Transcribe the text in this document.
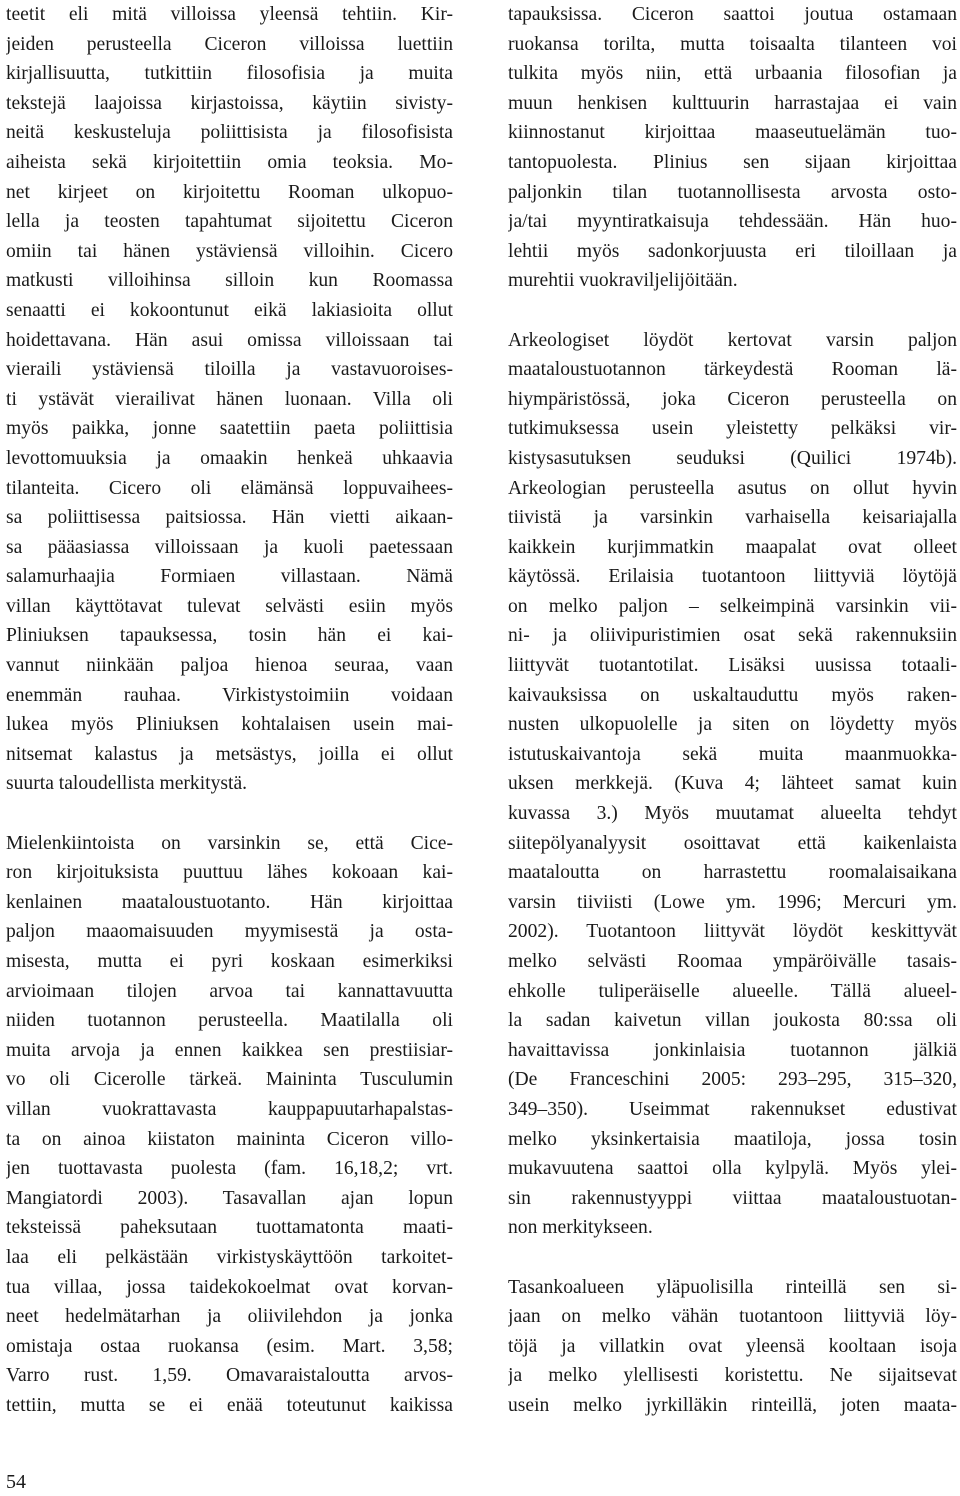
teetit eli mitä villoissa yleensä tehtiin. Kir-
jeiden perusteella Ciceron villoissa luettiin
kirjallisuutta, tutkittiin filosofisia ja muita
tekstejä laajoissa kirjastoissa, käytiin sivisty-
neitä keskusteluja poliittisista ja filosofisista
aiheista sekä kirjoitettiin omia teoksia. Mo-
net kirjeet on kirjoitettu Rooman ulkopuo-
lella ja teosten tapahtumat sijoitettu Ciceron
omiin tai hänen ystäviensä villoihin. Cicero
matkusti villoihinsa silloin kun Roomassa
senaatti ei kokoontunut eikä lakiasioita ollut
hoidettavana. Hän asui omissa villoissaan tai
vieraili ystäviensä tiloilla ja vastavuoroises-
ti ystävät vierailivat hänen luonaan. Villa oli
myös paikka, jonne saatettiin paeta poliittisia
levottomuuksia ja omaakin henkeä uhkaavia
tilanteita. Cicero oli elämänsä loppuvaihees-
sa poliittisessa paitsiossa. Hän vietti aikaan-
sa pääasiassa villoissaan ja kuoli paetessaan
salamurhaajia Formiaen villastaan. Nämä
villan käyttötavat tulevat selvästi esiin myös
Pliniuksen tapauksessa, tosin hän ei kai-
vannut niinkään paljoa hienoa seuraa, vaan
enemmän rauhaa. Virkistystoimiin voidaan
lukea myös Pliniuksen kohtalaisen usein mai-
nitsemat kalastus ja metsästys, joilla ei ollut
suurta taloudellista merkitystä.
Mielenkiintoista on varsinkin se, että Cice-
ron kirjoituksista puuttuu lähes kokoaan kai-
kenlainen maataloustuotanto. Hän kirjoittaa
paljon maaomaisuuden myymisestä ja osta-
misesta, mutta ei pyri koskaan esimerkiksi
arvioimaan tilojen arvoa tai kannattavuutta
niiden tuotannon perusteella. Maatilalla oli
muita arvoja ja ennen kaikkea sen prestiisiar-
vo oli Cicerolle tärkeä. Maininta Tusculumin
villan vuokrattavasta kauppapuutarhapalstas-
ta on ainoa kiistaton maininta Ciceron villo-
jen tuottavasta puolesta (fam. 16,18,2; vrt.
Mangiatordi 2003). Tasavallan ajan lopun
teksteissä paheksutaan tuottamatonta maati-
laa eli pelkästään virkistyskäyttöön tarkoitet-
tua villaa, jossa taidekokoelmat ovat korvan-
neet hedelmätarhan ja oliivilehdon ja jonka
omistaja ostaa ruokansa (esim. Mart. 3,58;
Varro rust. 1,59. Omavaraistaloutta arvos-
tettiin, mutta se ei enää toteutunut kaikissa
tapauksissa. Ciceron saattoi joutua ostamaan
ruokansa torilta, mutta toisaalta tilanteen voi
tulkita myös niin, että urbaania filosofian ja
muun henkisen kulttuurin harrastajaa ei vain
kiinnostanut kirjoittaa maaseutuelämän tuo-
tantopuolesta. Plinius sen sijaan kirjoittaa
paljonkin tilan tuotannollisesta arvosta osto-
ja/tai myyntiratkaisuja tehdessään. Hän huo-
lehtii myös sadonkorjuusta eri tiloillaan ja
murehtii vuokraviljelijöitään.
Arkeologiset löydöt kertovat varsin paljon
maataloustuotannon tärkeydestä Rooman lä-
hiympäristössä, joka Ciceron perusteella on
tutkimuksessa usein yleistetty pelkäksi vir-
kistysasutuksen seuduksi (Quilici 1974b).
Arkeologian perusteella asutus on ollut hyvin
tiivistä ja varsinkin varhaisella keisariajalla
kaikkein kurjimmatkin maapalat ovat olleet
käytössä. Erilaisia tuotantoon liittyviä löytöjä
on melko paljon – selkeimpinä varsinkin vii-
ni- ja oliivipuristimien osat sekä rakennuksiin
liittyvät tuotantotilat. Lisäksi uusissa totaali-
kaivauksissa on uskaltauduttu myös raken-
nusten ulkopuolelle ja siten on löydetty myös
istutuskaivantoja sekä muita maanmuokka-
uksen merkkejä. (Kuva 4; lähteet samat kuin
kuvassa 3.) Myös muutamat alueelta tehdyt
siitepölyanalyysit osoittavat että kaikenlaista
maataloutta on harrastettu roomalaisaikana
varsin tiiviisti (Lowe ym. 1996; Mercuri ym.
2002). Tuotantoon liittyvät löydöt keskittyvät
melko selvästi Roomaa ympäröivälle tasais-
ehkolle tuliperäiselle alueelle. Tällä alueel-
la sadan kaivetun villan joukosta 80:ssa oli
havaittavissa jonkinlaisia tuotannon jälkiä
(De Franceschini 2005: 293–295, 315–320,
349–350). Useimmat rakennukset edustivat
melko yksinkertaisia maatiloja, jossa tosin
mukavuutena saattoi olla kylpylä. Myös ylei-
sin rakennustyyppi viittaa maataloustuotan-
non merkitykseen.
Tasankoalueen yläpuolisilla rinteillä sen si-
jaan on melko vähän tuotantoon liittyviä löy-
töjä ja villatkin ovat yleensä kooltaan isoja
ja melko ylellisesti koristettu. Ne sijaitsevat
usein melko jyrkilläkin rinteillä, joten maata-
54
